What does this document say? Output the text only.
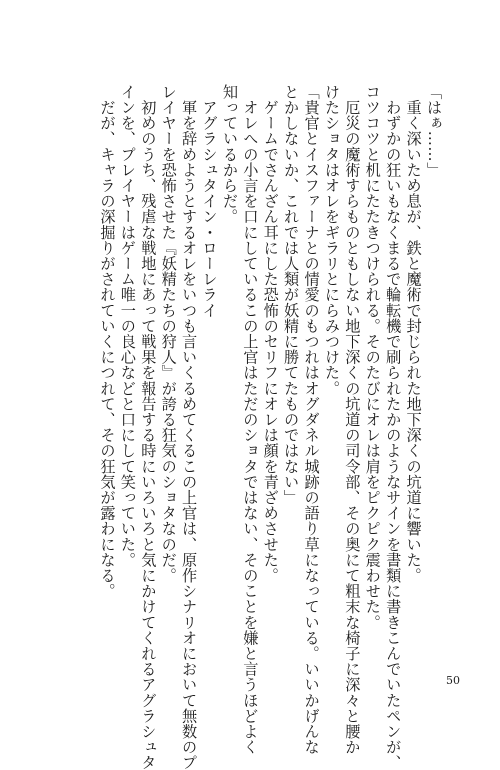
「はぁ……」
　重く深いため息が、鉄と魔術で封じられた地下深くの坑道に響いた。
　わずかの狂いもなくまるで輪転機で刷られたかのようなサインを書類に書きこんでいたペンが、
コツコツと机にたたきつけられる。そのたびにオレは肩をピクピク震わせた。
　厄災の魔術すらものともしない地下深くの坑道の司令部、その奥にて粗末な椅子に深々と腰か
けたショタはオレをギラリとにらみつけた。
「貴官とイスファーナとの情愛のもつれはオグダネル城跡の語り草になっている。いいかげんな
とかしないか、これでは人類が妖精に勝てたものではない」
　ゲームでさんざん耳にした恐怖のセリフにオレは顔を青ざめさせた。
　オレへの小言を口にしているこの上官はただのショタではない、そのことを嫌と言うほどよく
知っているからだ。
　アグラシュタイン・ローレライ
　軍を辞めようとするオレをいつも言いくるめてくるこの上官は、原作シナリオにおいて無数のプ
レイヤーを恐怖させた『妖精たちの狩人』が誇る狂気のショタなのだ。
　初めのうち、残虐な戦地にあって戦果を報告する時にいろいろと気にかけてくれるアグラシュタ
インを、プレイヤーはゲーム唯一の良心などと口にして笑っていた。
　だが、キャラの深掘りがされていくにつれて、その狂気が露わになる。
50
